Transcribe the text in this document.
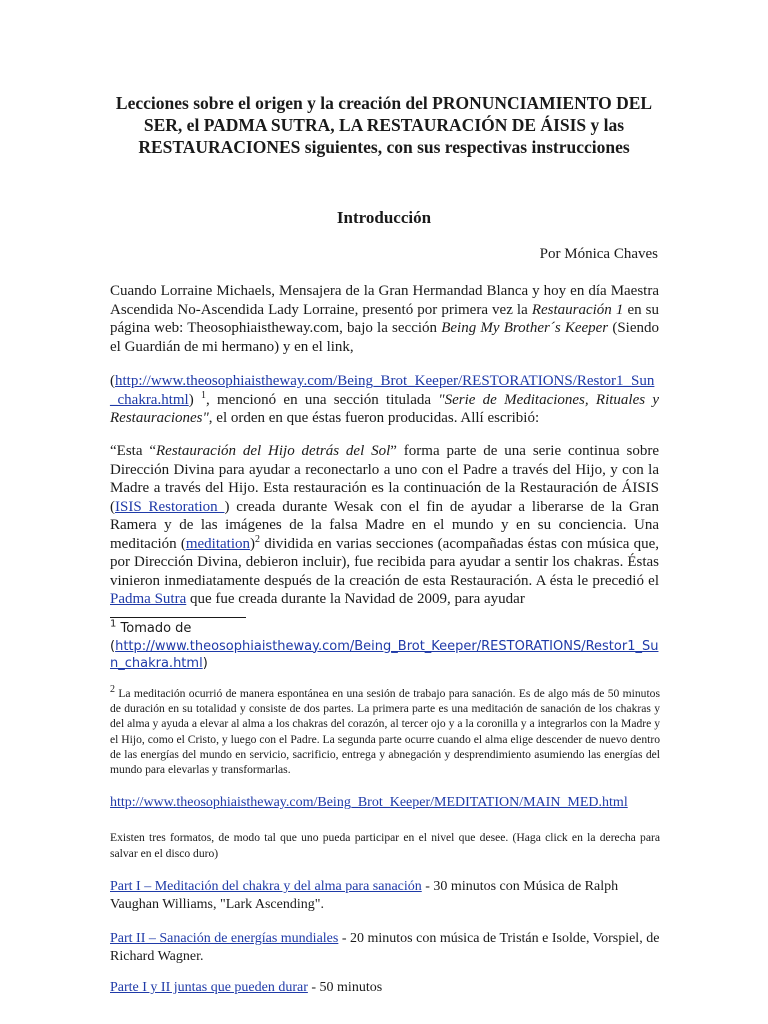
Lecciones sobre el origen y la creación del PRONUNCIAMIENTO DEL SER, el PADMA SUTRA, LA RESTAURACIÓN DE ÁISIS y las RESTAURACIONES siguientes, con sus respectivas instrucciones
Introducción

Por Mónica Chaves

Cuando Lorraine Michaels, Mensajera de la Gran Hermandad Blanca y hoy en día Maestra Ascendida No-Ascendida Lady Lorraine, presentó por primera vez la Restauración 1 en su página web: Theosophiaistheway.com, bajo la sección Being My Brother´s Keeper (Siendo el Guardián de mi hermano) y en el link,

(http://www.theosophiaistheway.com/Being_Brot_Keeper/RESTORATIONS/Restor1_Sun_chakra.html) $^1$, mencionó en una sección titulada "Serie de Meditaciones, Rituales y Restauraciones", el orden en que éstas fueron producidas. Allí escribió:

“Esta “Restauración del Hijo detrás del Sol” forma parte de una serie continua sobre Dirección Divina para ayudar a reconectarlo a uno con el Padre a través del Hijo, y con la Madre a través del Hijo. Esta restauración es la continuación de la Restauración de ÁISIS (ISIS Restoration ) creada durante Wesak con el fin de ayudar a liberarse de la Gran Ramera y de las imágenes de la falsa Madre en el mundo y en su conciencia. Una meditación (meditation)$^2$ dividida en varias secciones (acompañadas éstas con música que, por Dirección Divina, debieron incluir), fue recibida para ayudar a sentir los chakras. Éstas vinieron inmediatamente después de la creación de esta Restauración. A ésta le precedió el Padma Sutra que fue creada durante la Navidad de 2009, para ayudar

$^1$ Tomado de
(http://www.theosophiaistheway.com/Being_Brot_Keeper/RESTORATIONS/Restor1_Sun_chakra.html)

$^2$ La meditación ocurrió de manera espontánea en una sesión de trabajo para sanación. Es de algo más de 50 minutos de duración en su totalidad y consiste de dos partes. La primera parte es una meditación de sanación de los chakras y del alma y ayuda a elevar al alma a los chakras del corazón, al tercer ojo y a la coronilla y a integrarlos con la Madre y el Hijo, como el Cristo, y luego con el Padre. La segunda parte ocurre cuando el alma elige descender de nuevo dentro de las energías del mundo en servicio, sacrificio, entrega y abnegación y desprendimiento asumiendo las energías del mundo para elevarlas y transformarlas.

http://www.theosophiaistheway.com/Being_Brot_Keeper/MEDITATION/MAIN_MED.html

Existen tres formatos, de modo tal que uno pueda participar en el nivel que desee. (Haga click en la derecha para salvar en el disco duro)

Part I – Meditación del chakra y del alma para sanación - 30 minutos con Música de Ralph Vaughan Williams, "Lark Ascending".

Part II – Sanación de energías mundiales - 20 minutos con música de Tristán e Isolde, Vorspiel, de Richard Wagner.

Parte I y II juntas que pueden durar - 50 minutos
